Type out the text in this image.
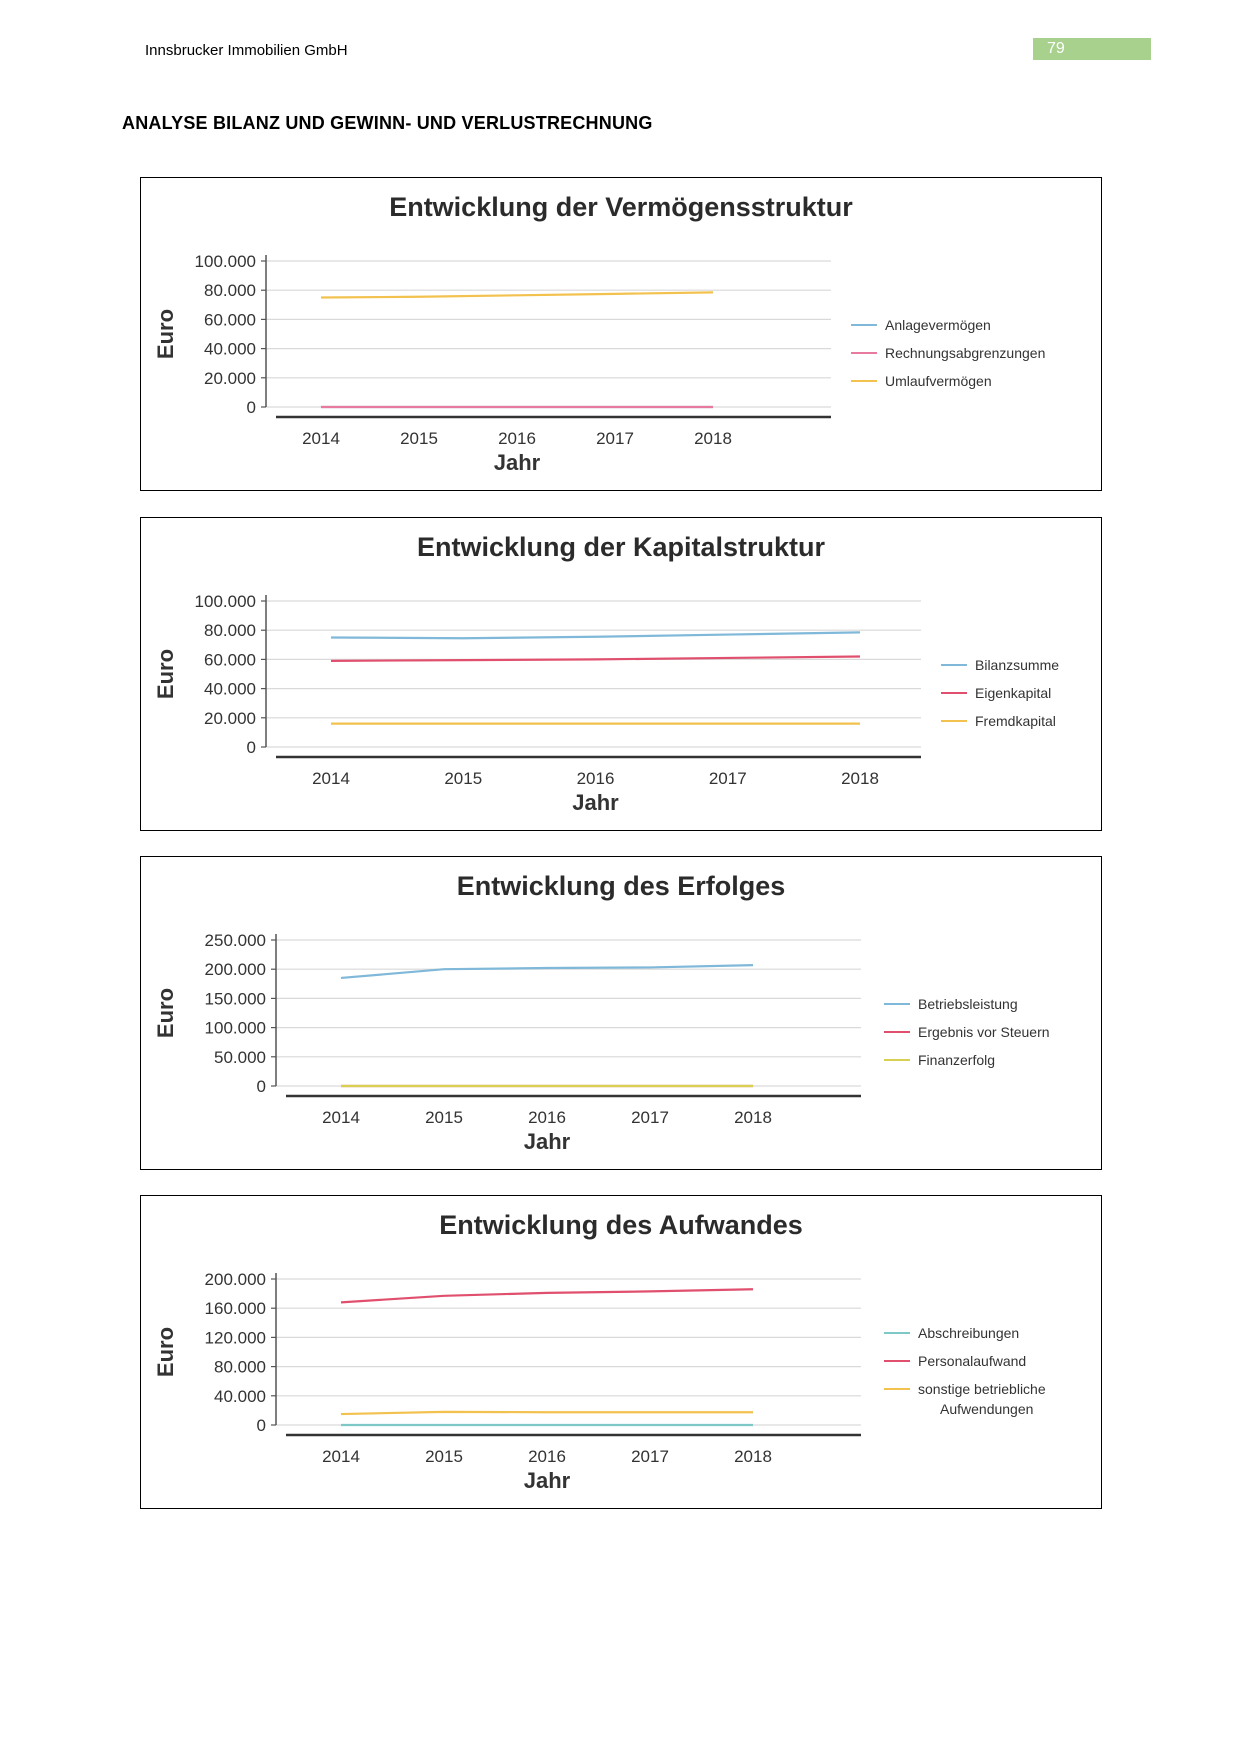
Innsbrucker Immobilien GmbH	79
ANALYSE BILANZ UND GEWINN- UND VERLUSTRECHNUNG
Entwicklung der Vermögensstruktur
0
20.000
40.000
60.000
80.000
100.000
2014	2015	2016	2017	2018
Jahr
Euro	Anlagevermögen
Rechnungsabgrenzungen
Umlaufvermögen
Entwicklung der Kapitalstruktur
0
20.000
40.000
60.000
80.000
100.000
2014	2015	2016	2017	2018
Jahr
Euro	Bilanzsumme
Eigenkapital
Fremdkapital
Entwicklung des Erfolges
0
50.000
100.000
150.000
200.000
250.000
2014	2015	2016	2017	2018
Jahr
Euro	Betriebsleistung
Ergebnis vor Steuern
Finanzerfolg
Entwicklung des Aufwandes
0
40.000
80.000
120.000
160.000
200.000
2014	2015	2016	2017	2018
Jahr
Euro	Abschreibungen
Personalaufwand
sonstige betriebliche
Aufwendungen
